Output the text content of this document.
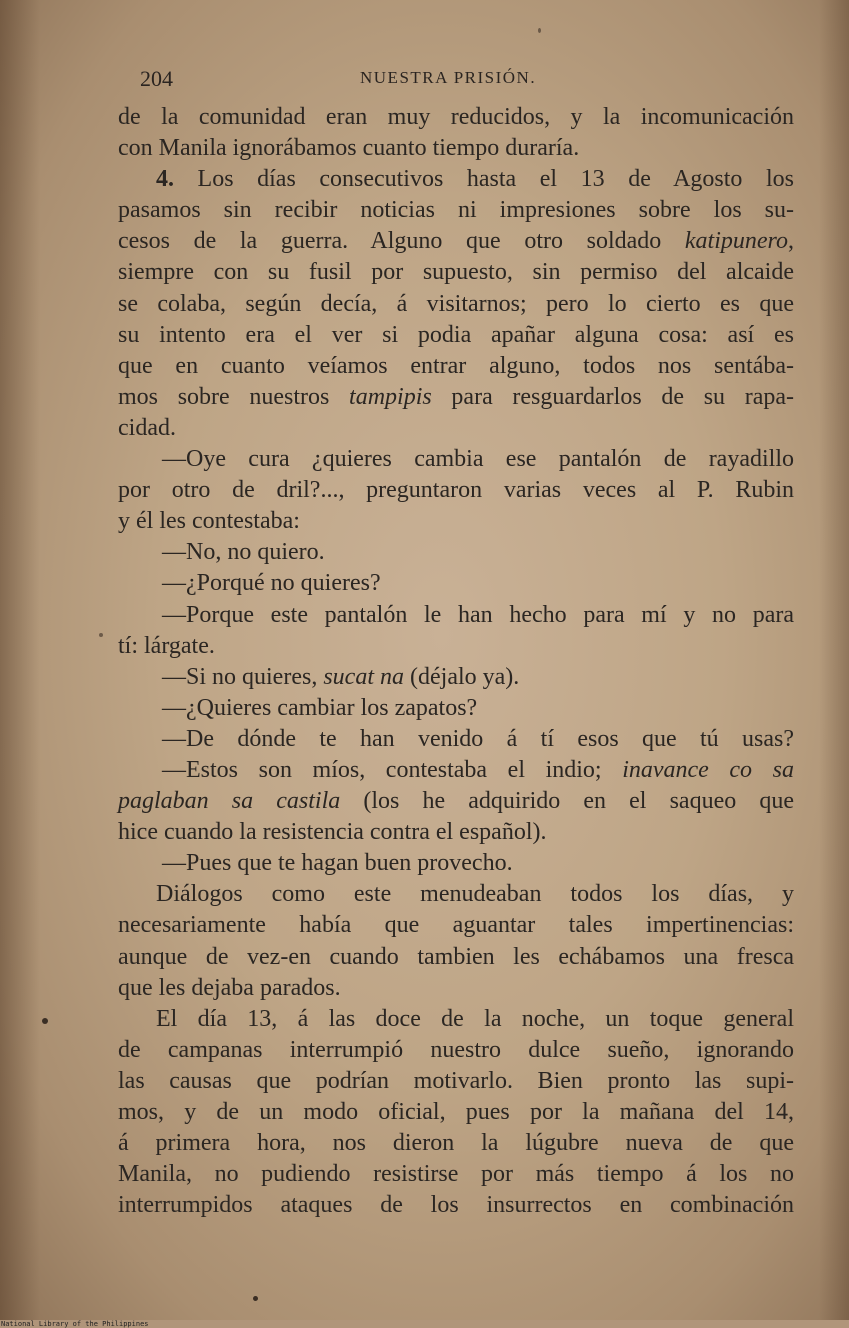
204	NUESTRA PRISIÓN.
de la comunidad eran muy reducidos, y la incomunicación
con Manila ignorábamos cuanto tiempo duraría.
4. Los días consecutivos hasta el 13 de Agosto los
pasamos sin recibir noticias ni impresiones sobre los su-
cesos de la guerra. Alguno que otro soldado katipunero,
siempre con su fusil por supuesto, sin permiso del alcaide
se colaba, según decía, á visitarnos; pero lo cierto es que
su intento era el ver si podia apañar alguna cosa: así es
que en cuanto veíamos entrar alguno, todos nos sentába-
mos sobre nuestros tampipis para resguardarlos de su rapa-
cidad.
—Oye cura ¿quieres cambia ese pantalón de rayadillo
por otro de dril?..., preguntaron varias veces al P. Rubin
y él les contestaba:
—No, no quiero.
—¿Porqué no quieres?
—Porque este pantalón le han hecho para mí y no para
tí: lárgate.
—Si no quieres, sucat na (déjalo ya).
—¿Quieres cambiar los zapatos?
—De dónde te han venido á tí esos que tú usas?
—Estos son míos, contestaba el indio; inavance co sa
paglaban sa castila (los he adquirido en el saqueo que
hice cuando la resistencia contra el español).
—Pues que te hagan buen provecho.
Diálogos como este menudeaban todos los días, y
necesariamente había que aguantar tales impertinencias:
aunque de vez-en cuando tambien les echábamos una fresca
que les dejaba parados.
El día 13, á las doce de la noche, un toque general
de campanas interrumpió nuestro dulce sueño, ignorando
las causas que podrían motivarlo. Bien pronto las supi-
mos, y de un modo oficial, pues por la mañana del 14,
á primera hora, nos dieron la lúgubre nueva de que
Manila, no pudiendo resistirse por más tiempo á los no
interrumpidos ataques de los insurrectos en combinación
National Library of the Philippines
